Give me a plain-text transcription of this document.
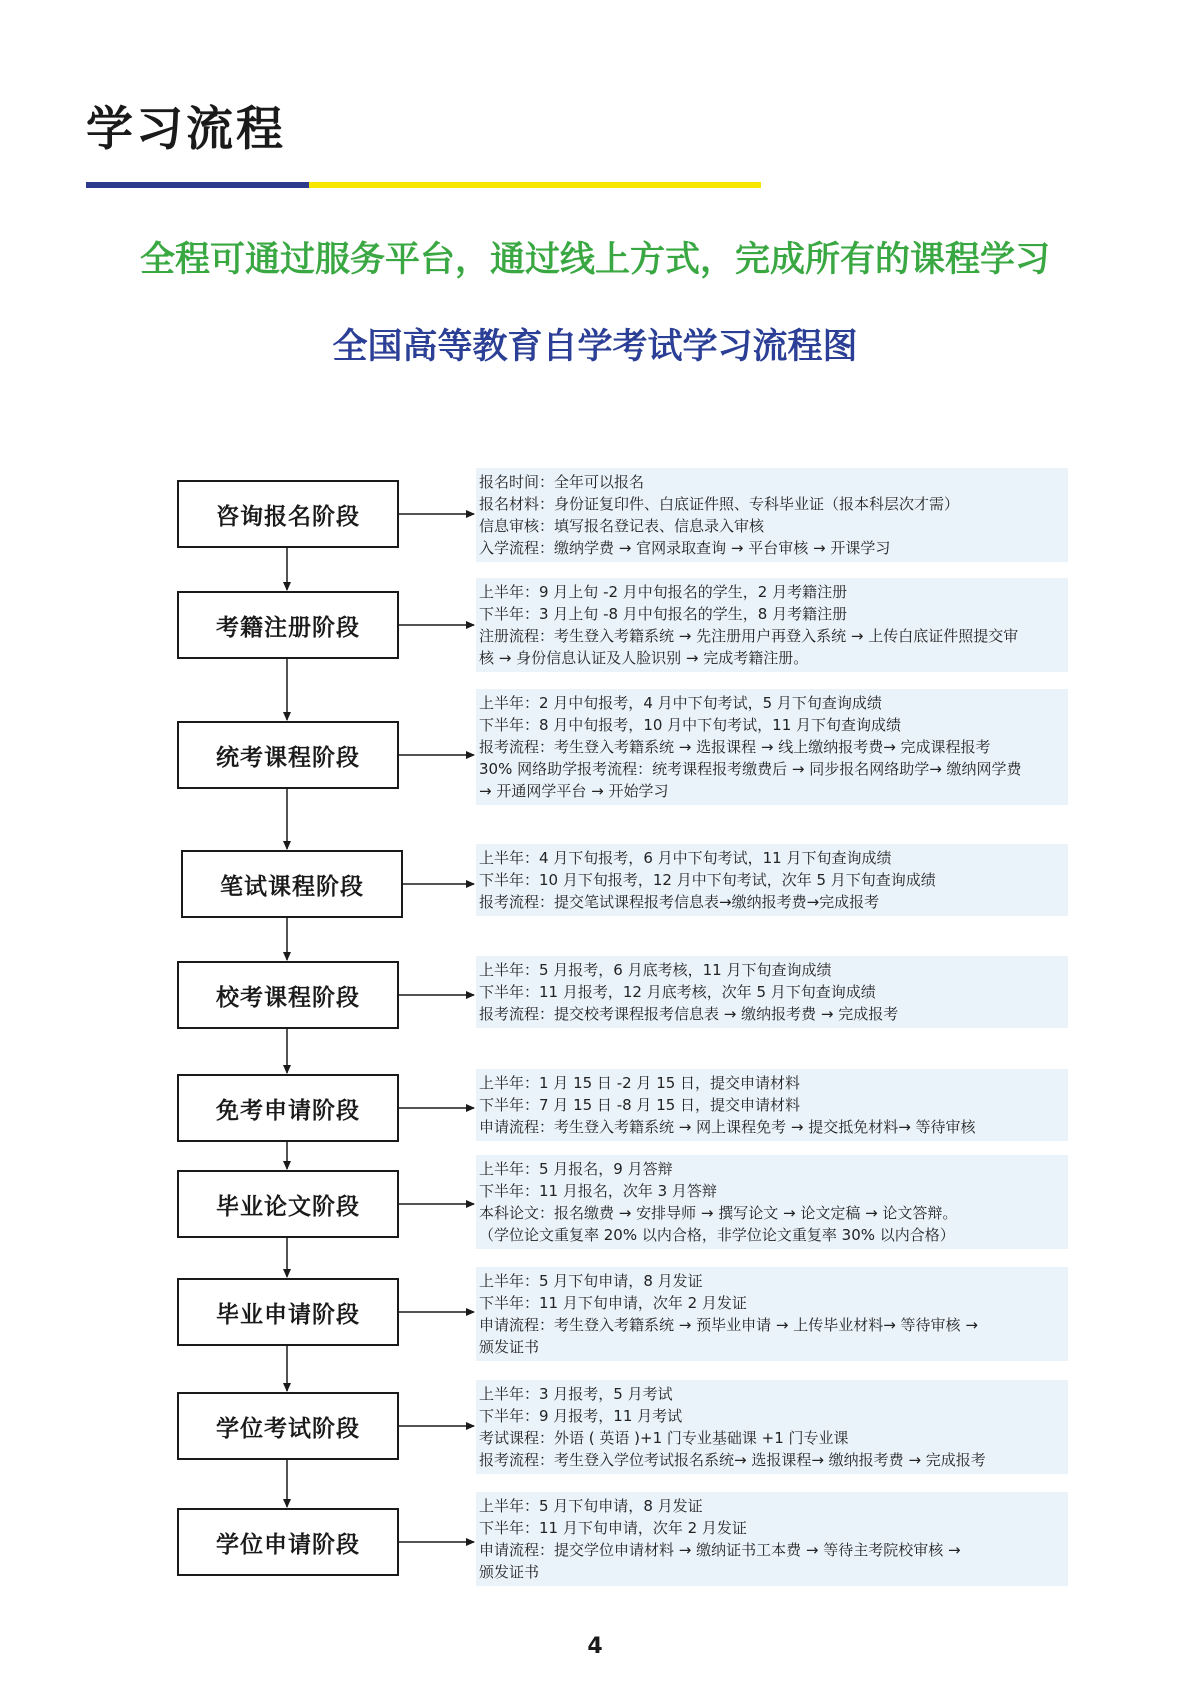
学习流程
全程可通过服务平台，通过线上方式，完成所有的课程学习
全国高等教育自学考试学习流程图
咨询报名阶段
报名时间：全年可以报名
报名材料：身份证复印件、白底证件照、专科毕业证（报本科层次才需）
信息审核：填写报名登记表、信息录入审核
入学流程：缴纳学费 → 官网录取查询 → 平台审核 → 开课学习
考籍注册阶段
上半年：9 月上旬 -2 月中旬报名的学生，2 月考籍注册
下半年：3 月上旬 -8 月中旬报名的学生，8 月考籍注册
注册流程：考生登入考籍系统 → 先注册用户再登入系统 → 上传白底证件照提交审
核 → 身份信息认证及人脸识别 → 完成考籍注册。
统考课程阶段
上半年：2 月中旬报考，4 月中下旬考试，5 月下旬查询成绩
下半年：8 月中旬报考，10 月中下旬考试，11 月下旬查询成绩
报考流程：考生登入考籍系统 → 选报课程 → 线上缴纳报考费→ 完成课程报考
30% 网络助学报考流程：统考课程报考缴费后 → 同步报名网络助学→ 缴纳网学费
→ 开通网学平台 → 开始学习
笔试课程阶段
上半年：4 月下旬报考，6 月中下旬考试，11 月下旬查询成绩
下半年：10 月下旬报考，12 月中下旬考试，次年 5 月下旬查询成绩
报考流程：提交笔试课程报考信息表→缴纳报考费→完成报考
校考课程阶段
上半年：5 月报考，6 月底考核，11 月下旬查询成绩
下半年：11 月报考，12 月底考核，次年 5 月下旬查询成绩
报考流程：提交校考课程报考信息表 → 缴纳报考费 → 完成报考
免考申请阶段
上半年：1 月 15 日 -2 月 15 日，提交申请材料
下半年：7 月 15 日 -8 月 15 日，提交申请材料
申请流程：考生登入考籍系统 → 网上课程免考 → 提交抵免材料→ 等待审核
毕业论文阶段
上半年：5 月报名，9 月答辩
下半年：11 月报名，次年 3 月答辩
本科论文：报名缴费 → 安排导师 → 撰写论文 → 论文定稿 → 论文答辩。
（学位论文重复率 20% 以内合格，非学位论文重复率 30% 以内合格）
毕业申请阶段
上半年：5 月下旬申请，8 月发证
下半年：11 月下旬申请，次年 2 月发证
申请流程：考生登入考籍系统 → 预毕业申请 → 上传毕业材料→ 等待审核 →
颁发证书
学位考试阶段
上半年：3 月报考，5 月考试
下半年：9 月报考，11 月考试
考试课程：外语 ( 英语 )+1 门专业基础课 +1 门专业课
报考流程：考生登入学位考试报名系统→ 选报课程→ 缴纳报考费 → 完成报考
学位申请阶段
上半年：5 月下旬申请，8 月发证
下半年：11 月下旬申请，次年 2 月发证
申请流程：提交学位申请材料 → 缴纳证书工本费 → 等待主考院校审核 →
颁发证书
4
